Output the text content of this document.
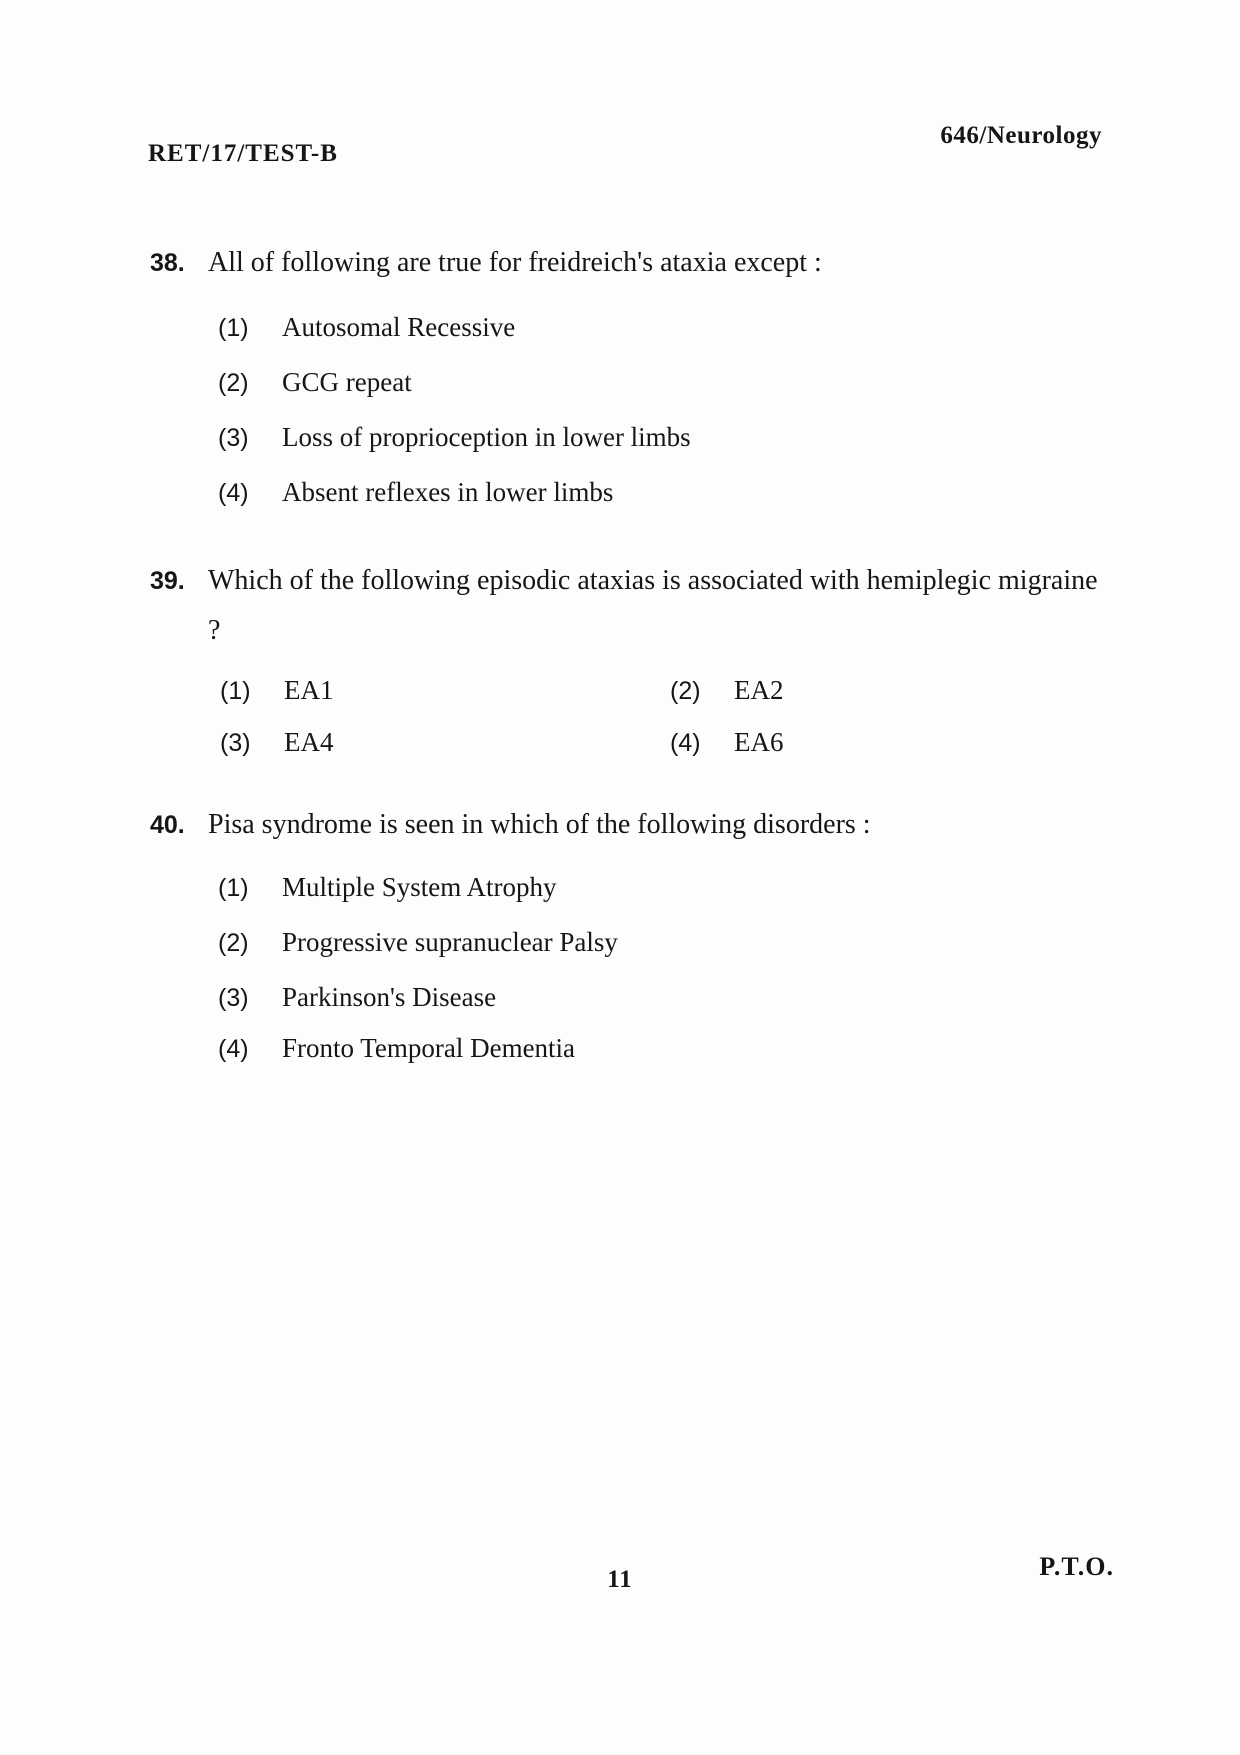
RET/17/TEST-B
646/Neurology
38. All of following are true for freidreich's ataxia except :
(1)	Autosomal Recessive
(2)	GCG repeat
(3)	Loss of proprioception in lower limbs
(4)	Absent reflexes in lower limbs
39. Which of the following episodic ataxias is associated with hemiplegic migraine ?
(1)	EA1	(2)	EA2
(3)	EA4	(4)	EA6
40. Pisa syndrome is seen in which of the following disorders :
(1)	Multiple System Atrophy
(2)	Progressive supranuclear Palsy
(3)	Parkinson's Disease
(4)	Fronto Temporal Dementia
11	P.T.O.
